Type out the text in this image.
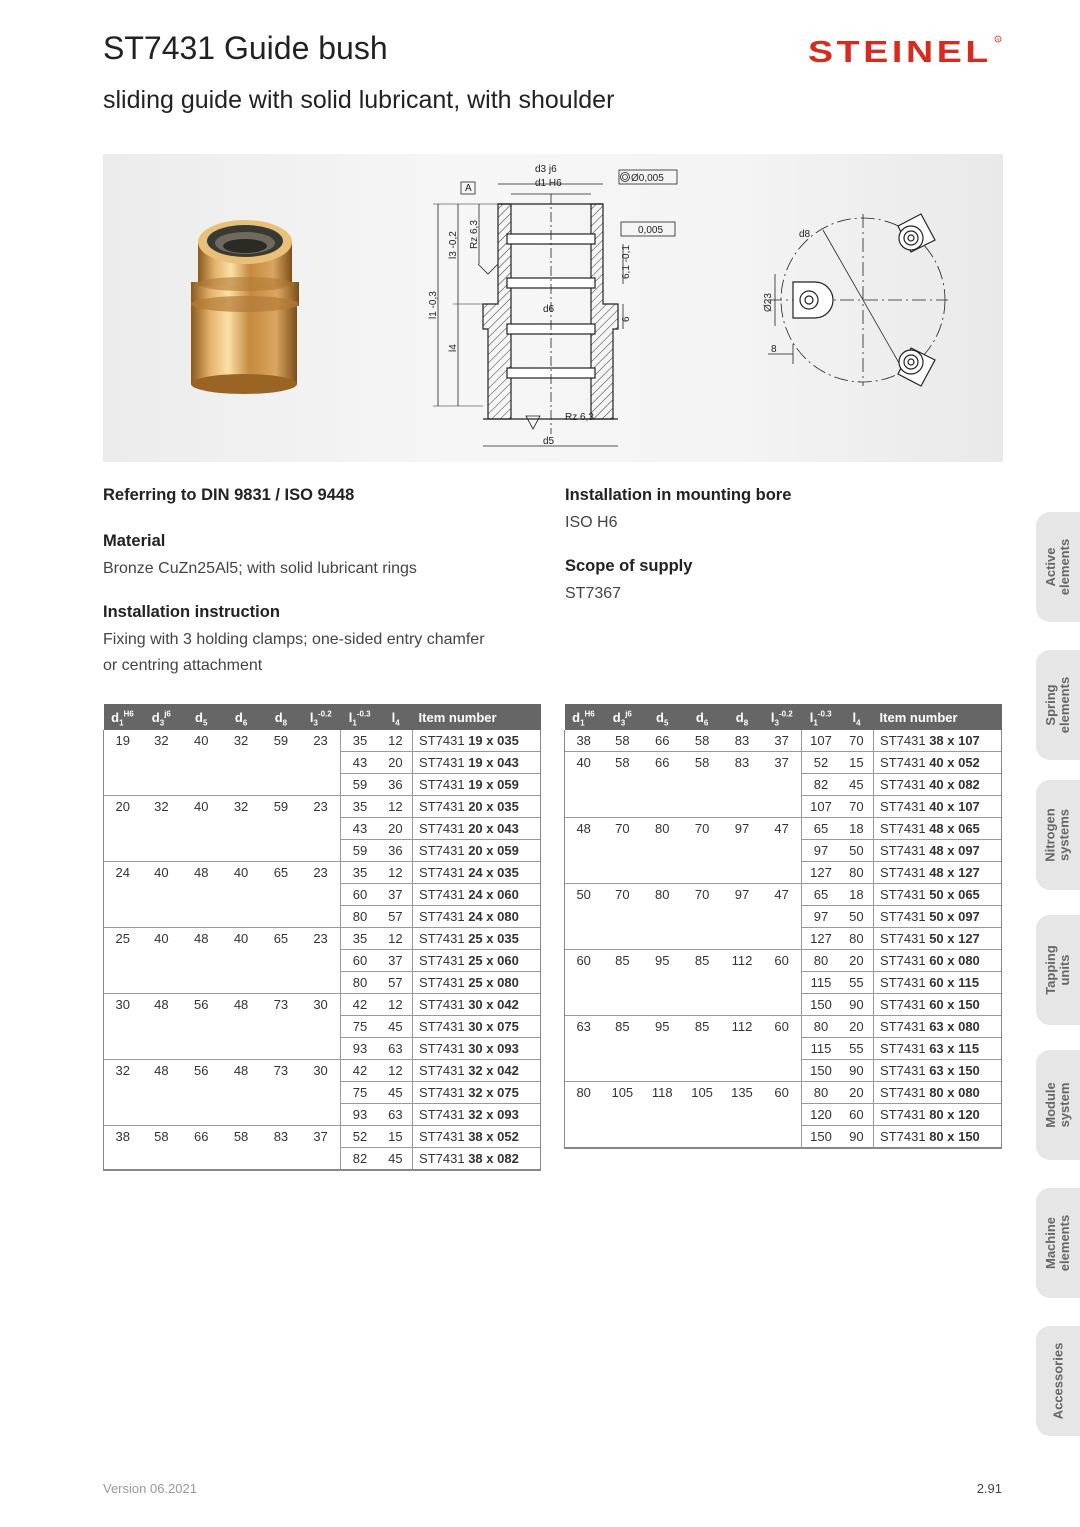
ST7431 Guide bush
sliding guide with solid lubricant, with shoulder
STEINEL R
d3 j6
d1 H6
A
Ø0,005
0,005
d6
d5
Rz 6,3
d8
8
Rz 6,3
l3 -0,2
l1 -0,3
l4
6,1 -0,1
6
Ø23
Referring to DIN 9831 / ISO 9448
Material

Bronze CuZn25Al5; with solid lubricant rings

Installation instruction

Fixing with 3 holding clamps; one-sided entry chamfer
or centring attachment

Installation in mounting bore

ISO H6

Scope of supply

ST7367

$d_1^{H6}$	$d_3^{j6}$	$d_5$	$d_6$	$d_8$	$l_3^{-0.2}$	$l_1^{-0.3}$	$l_4$	Item number
19	32	40	32	59	23	35	12	ST7431 19 x 035
						43	20	ST7431 19 x 043
						59	36	ST7431 19 x 059
20	32	40	32	59	23	35	12	ST7431 20 x 035
						43	20	ST7431 20 x 043
						59	36	ST7431 20 x 059
24	40	48	40	65	23	35	12	ST7431 24 x 035
						60	37	ST7431 24 x 060
						80	57	ST7431 24 x 080
25	40	48	40	65	23	35	12	ST7431 25 x 035
						60	37	ST7431 25 x 060
						80	57	ST7431 25 x 080
30	48	56	48	73	30	42	12	ST7431 30 x 042
						75	45	ST7431 30 x 075
						93	63	ST7431 30 x 093
32	48	56	48	73	30	42	12	ST7431 32 x 042
						75	45	ST7431 32 x 075
						93	63	ST7431 32 x 093
38	58	66	58	83	37	52	15	ST7431 38 x 052
						82	45	ST7431 38 x 082
$d_1^{H6}$	$d_3^{j6}$	$d_5$	$d_6$	$d_8$	$l_3^{-0.2}$	$l_1^{-0.3}$	$l_4$	Item number
38	58	66	58	83	37	107	70	ST7431 38 x 107
40	58	66	58	83	37	52	15	ST7431 40 x 052
						82	45	ST7431 40 x 082
						107	70	ST7431 40 x 107
48	70	80	70	97	47	65	18	ST7431 48 x 065
						97	50	ST7431 48 x 097
						127	80	ST7431 48 x 127
50	70	80	70	97	47	65	18	ST7431 50 x 065
						97	50	ST7431 50 x 097
						127	80	ST7431 50 x 127
60	85	95	85	112	60	80	20	ST7431 60 x 080
						115	55	ST7431 60 x 115
						150	90	ST7431 60 x 150
63	85	95	85	112	60	80	20	ST7431 63 x 080
						115	55	ST7431 63 x 115
						150	90	ST7431 63 x 150
80	105	118	105	135	60	80	20	ST7431 80 x 080
						120	60	ST7431 80 x 120
						150	90	ST7431 80 x 150
Active
elements
Spring
elements
Nitrogen
systems
Tapping
units
Module
system
Machine
elements
Accessories
Version 06.2021	2.91
